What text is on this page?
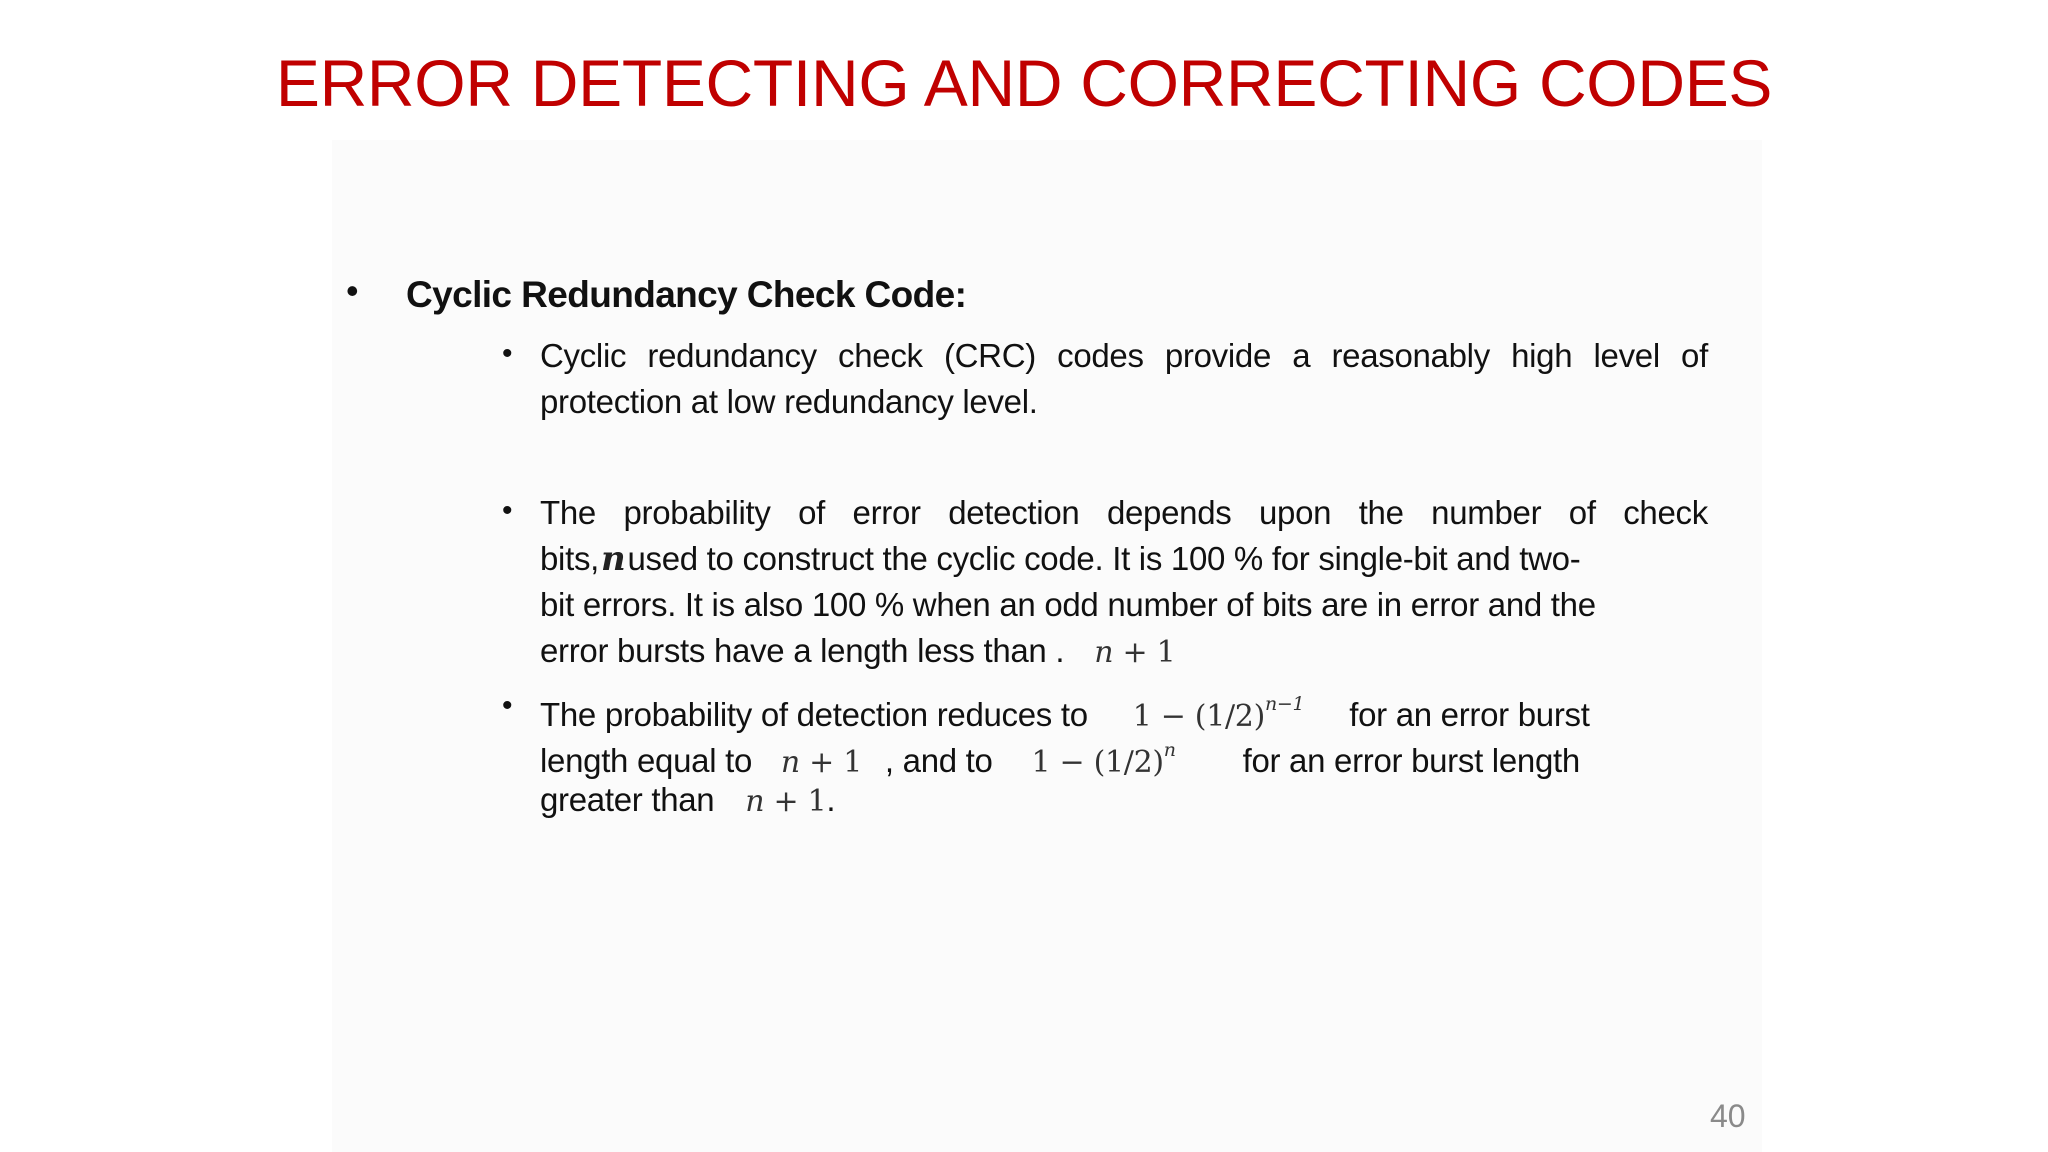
ERROR DETECTING AND CORRECTING CODES
• Cyclic Redundancy Check Code:
• Cyclic redundancy check (CRC) codes provide a reasonably high level of
protection at low redundancy level.
• The probability of error detection depends upon the number of check
bits,nused to construct the cyclic code. It is 100 % for single-bit and two-
bit errors. It is also 100 % when an odd number of bits are in error and the
error bursts have a length less than . n + 1
• The probability of detection reduces to $1 - (1/2)^{n-1}$ for an error burst
length equal to n + 1 , and to $1 - (1/2)^n$ for an error burst length
greater than n + 1.
40
